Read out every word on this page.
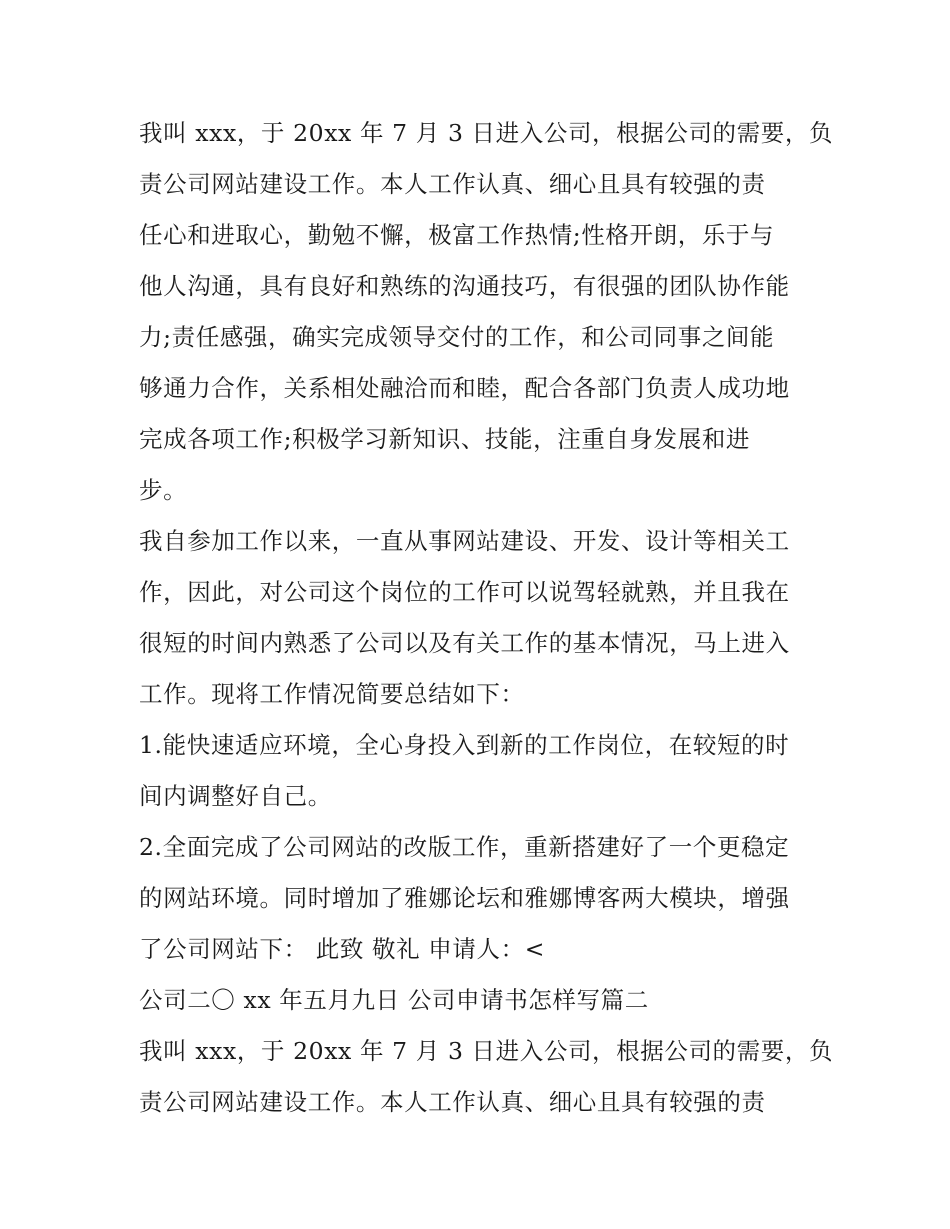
我叫 xxx，于 20xx 年 7 月 3 日进入公司，根据公司的需要，负
责公司网站建设工作。本人工作认真、细心且具有较强的责
任心和进取心，勤勉不懈，极富工作热情;性格开朗，乐于与
他人沟通，具有良好和熟练的沟通技巧，有很强的团队协作能
力;责任感强，确实完成领导交付的工作，和公司同事之间能
够通力合作，关系相处融洽而和睦，配合各部门负责人成功地
完成各项工作;积极学习新知识、技能，注重自身发展和进
步。
我自参加工作以来，一直从事网站建设、开发、设计等相关工
作，因此，对公司这个岗位的工作可以说驾轻就熟，并且我在
很短的时间内熟悉了公司以及有关工作的基本情况，马上进入
工作。现将工作情况简要总结如下：
1.能快速适应环境，全心身投入到新的工作岗位，在较短的时
间内调整好自己。
2.全面完成了公司网站的改版工作，重新搭建好了一个更稳定
的网站环境。同时增加了雅娜论坛和雅娜博客两大模块，增强
了公司网站下： 此致 敬礼 申请人：<
公司二〇 xx 年五月九日 公司申请书怎样写篇二
我叫 xxx，于 20xx 年 7 月 3 日进入公司，根据公司的需要，负
责公司网站建设工作。本人工作认真、细心且具有较强的责
